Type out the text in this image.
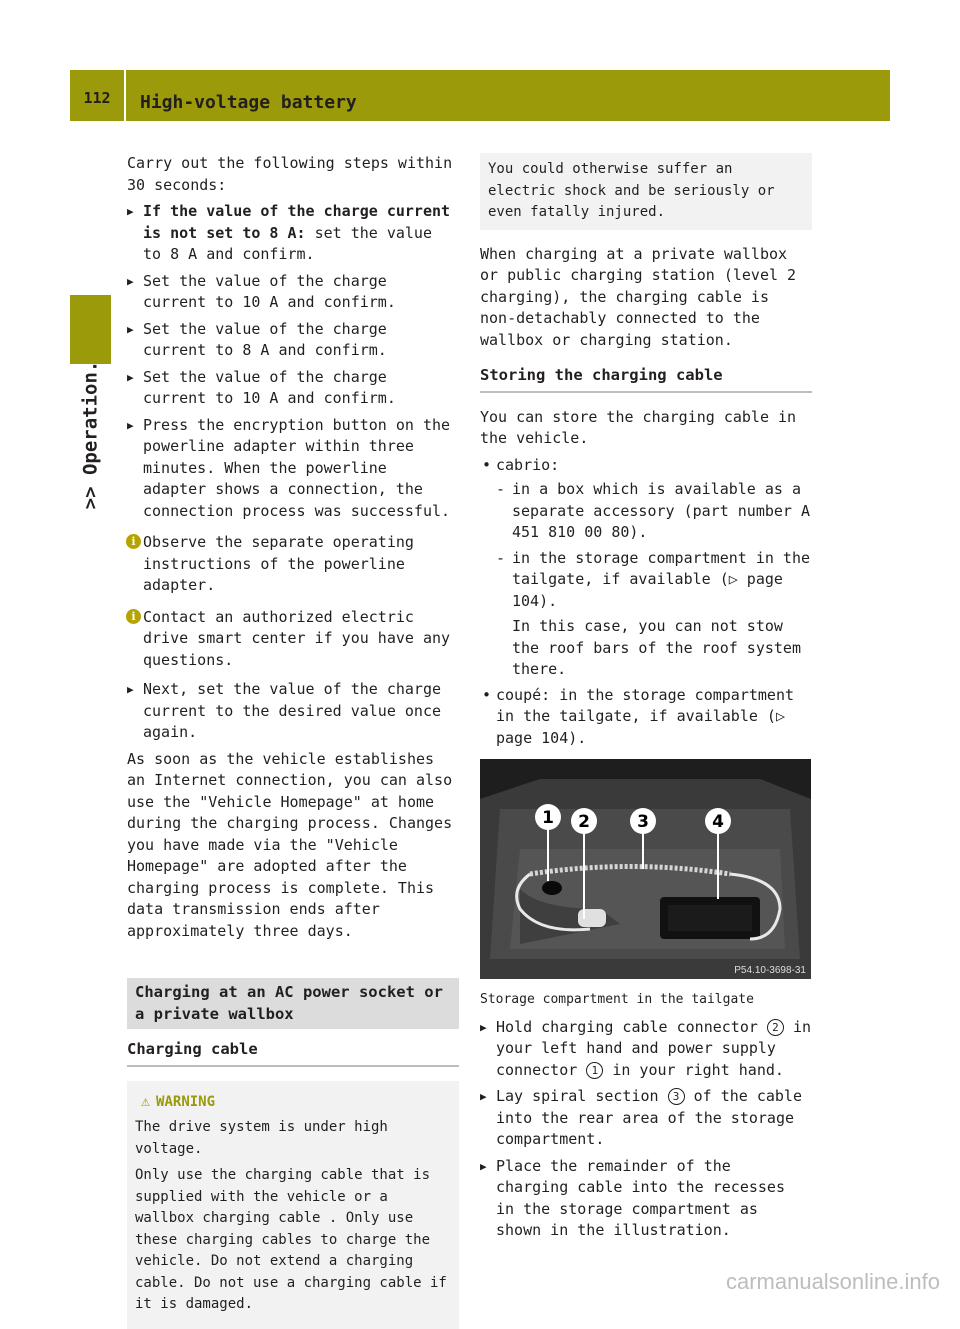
112	High-voltage battery
>> Operation.

Carry out the following steps within 30 seconds:

▶ If the value of the charge current is not set to 8 A: set the value to 8 A and confirm.
▶ Set the value of the charge current to 10 A and confirm.
▶ Set the value of the charge current to 8 A and confirm.
▶ Set the value of the charge current to 10 A and confirm.
▶ Press the encryption button on the powerline adapter within three minutes. When the powerline adapter shows a connection, the connection process was successful.
i Observe the separate operating instructions of the powerline adapter.
i Contact an authorized electric drive smart center if you have any questions.
▶ Next, set the value of the charge current to the desired value once again.

As soon as the vehicle establishes an Internet connection, you can also use the "Vehicle Homepage" at home during the charging process. Changes you have made via the "Vehicle Homepage" are adopted after the charging process is complete. This data transmission ends after approximately three days.

Charging at an AC power socket or a private wallbox
Charging cable
⚠ WARNING

The drive system is under high voltage.

Only use the charging cable that is supplied with the vehicle or a wallbox charging cable . Only use these charging cables to charge the vehicle. Do not extend a charging cable. Do not use a charging cable if it is damaged.

You could otherwise suffer an electric shock and be seriously or even fatally injured.

When charging at a private wallbox or public charging station (level 2 charging), the charging cable is non-detachably connected to the wallbox or charging station.

Storing the charging cable

You can store the charging cable in the vehicle.

• cabrio:
- in a box which is available as a separate accessory (part number A 451 810 00 80).
- in the storage compartment in the tailgate, if available (▷ page 104).
In this case, you can not stow the roof bars of the roof system there.
• coupé: in the storage compartment in the tailgate, if available (▷ page 104).
1 2	3	4
P54.10-3698-31

Storage compartment in the tailgate

▶ Hold charging cable connector 2 in your left hand and power supply connector 1 in your right hand.
▶ Lay spiral section 3 of the cable into the rear area of the storage compartment.
▶ Place the remainder of the charging cable into the recesses in the storage compartment as shown in the illustration.
carmanualsonline.info
